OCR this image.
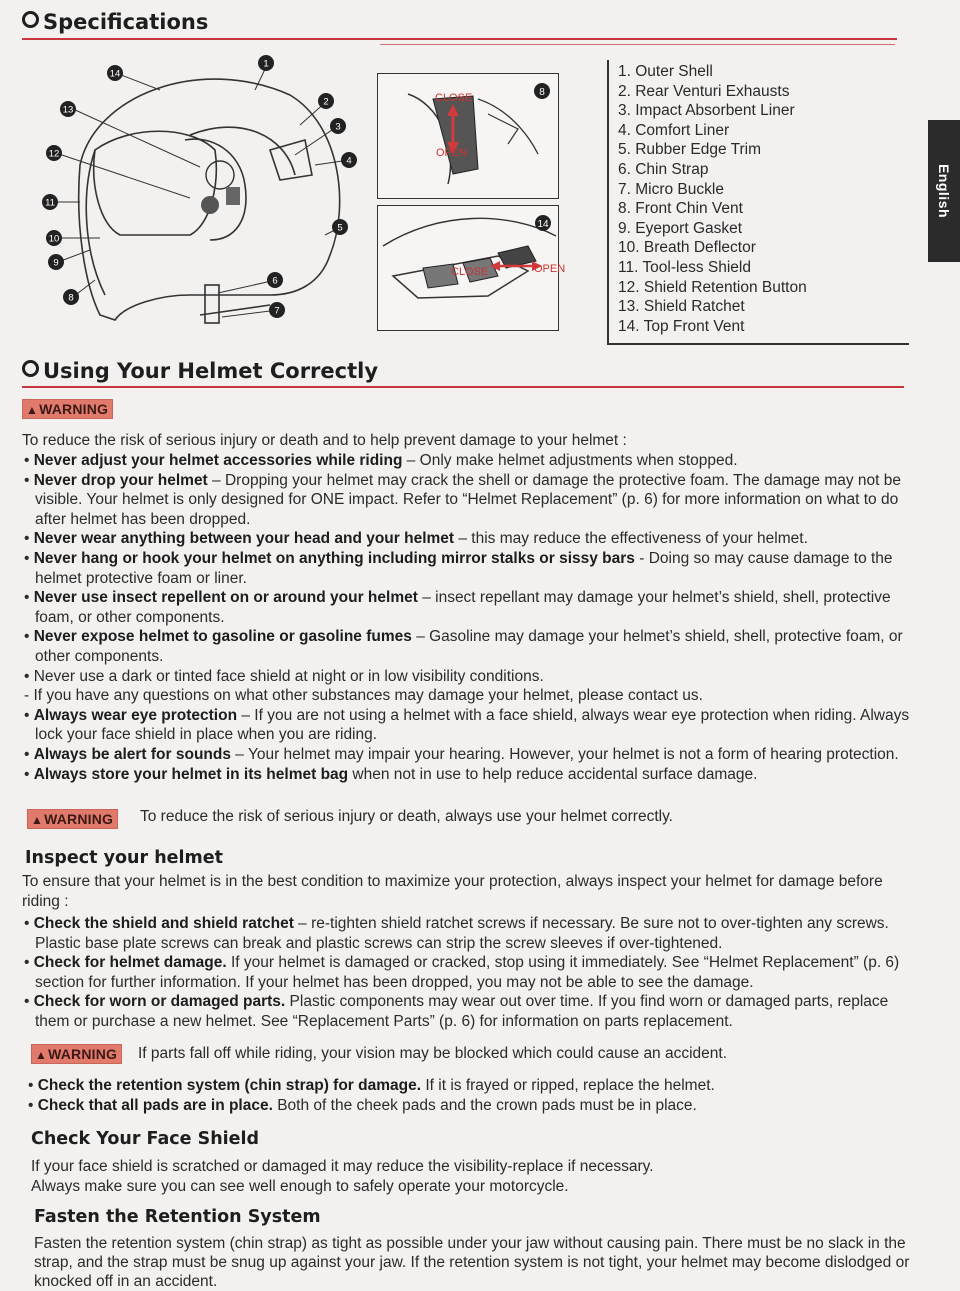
Specifications
English
14
13
12
11
10
9
8
1
2
3
4
5
6
7
CLOSE
OPEN
8
CLOSE	OPEN
14
1. Outer Shell
2. Rear Venturi Exhausts
3. Impact Absorbent Liner
4. Comfort Liner
5. Rubber Edge Trim
6. Chin Strap
7. Micro Buckle
8. Front Chin Vent
9. Eyeport Gasket
10. Breath Deflector
11. Tool-less Shield
12. Shield Retention Button
13. Shield Ratchet
14. Top Front Vent
Using Your Helmet Correctly
▲WARNING
To reduce the risk of serious injury or death and to help prevent damage to your helmet :
• Never adjust your helmet accessories while riding – Only make helmet adjustments when stopped.
• Never drop your helmet – Dropping your helmet may crack the shell or damage the protective foam. The damage may not be visible. Your helmet is only designed for ONE impact. Refer to “Helmet Replacement” (p. 6) for more information on what to do after helmet has been dropped.
• Never wear anything between your head and your helmet – this may reduce the effectiveness of your helmet.
• Never hang or hook your helmet on anything including mirror stalks or sissy bars - Doing so may cause damage to the helmet protective foam or liner.
• Never use insect repellent on or around your helmet – insect repellant may damage your helmet’s shield, shell, protective foam, or other components.
• Never expose helmet to gasoline or gasoline fumes – Gasoline may damage your helmet’s shield, shell, protective foam, or other components.
• Never use a dark or tinted face shield at night or in low visibility conditions.
- If you have any questions on what other substances may damage your helmet, please contact us.
• Always wear eye protection – If you are not using a helmet with a face shield, always wear eye protection when riding. Always lock your face shield in place when you are riding.
• Always be alert for sounds – Your helmet may impair your hearing. However, your helmet is not a form of hearing protection.
• Always store your helmet in its helmet bag when not in use to help reduce accidental surface damage.
▲WARNING	To reduce the risk of serious injury or death, always use your helmet correctly.
Inspect your helmet
To ensure that your helmet is in the best condition to maximize your protection, always inspect your helmet for damage before riding :
• Check the shield and shield ratchet – re-tighten shield ratchet screws if necessary. Be sure not to over-tighten any screws. Plastic base plate screws can break and plastic screws can strip the screw sleeves if over-tightened.
• Check for helmet damage. If your helmet is damaged or cracked, stop using it immediately. See “Helmet Replacement” (p. 6) section for further information. If your helmet has been dropped, you may not be able to see the damage.
• Check for worn or damaged parts. Plastic components may wear out over time. If you find worn or damaged parts, replace them or purchase a new helmet. See “Replacement Parts” (p. 6) for information on parts replacement.
▲WARNING	If parts fall off while riding, your vision may be blocked which could cause an accident.
• Check the retention system (chin strap) for damage. If it is frayed or ripped, replace the helmet.
• Check that all pads are in place. Both of the cheek pads and the crown pads must be in place.
Check Your Face Shield
If your face shield is scratched or damaged it may reduce the visibility-replace if necessary. Always make sure you can see well enough to safely operate your motorcycle.
Fasten the Retention System
Fasten the retention system (chin strap) as tight as possible under your jaw without causing pain. There must be no slack in the strap, and the strap must be snug up against your jaw. If the retention system is not tight, your helmet may become dislodged or knocked off in an accident.
